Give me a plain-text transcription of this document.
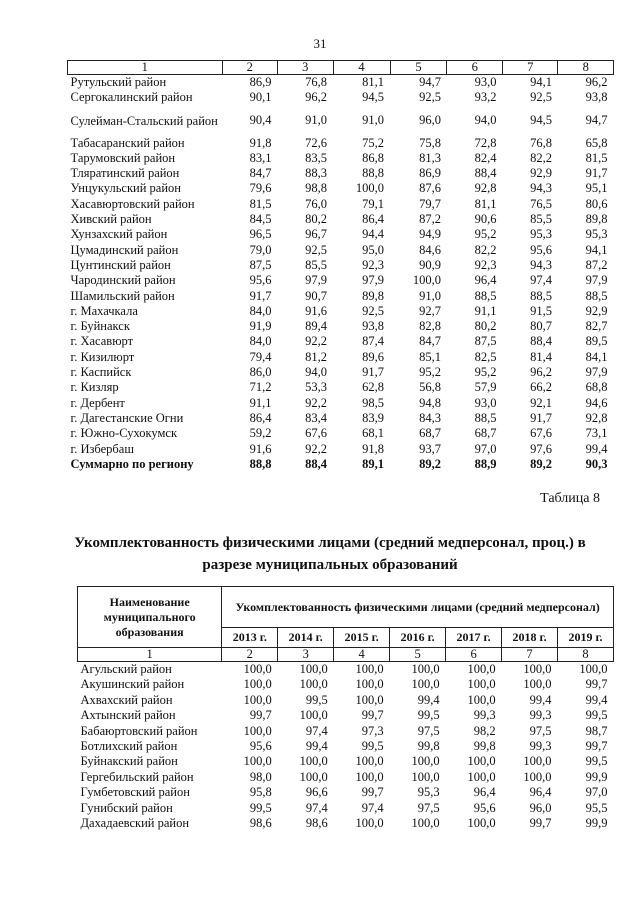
31
1	2	3	4	5	6	7	8
Рутульский район	86,9	76,8	81,1	94,7	93,0	94,1	96,2
Сергокалинский район	90,1	96,2	94,5	92,5	93,2	92,5	93,8
Сулейман-Стальский район	90,4	91,0	91,0	96,0	94,0	94,5	94,7
Табасаранский район	91,8	72,6	75,2	75,8	72,8	76,8	65,8
Тарумовский район	83,1	83,5	86,8	81,3	82,4	82,2	81,5
Тляратинский район	84,7	88,3	88,8	86,9	88,4	92,9	91,7
Унцукульский район	79,6	98,8	100,0	87,6	92,8	94,3	95,1
Хасавюртовский район	81,5	76,0	79,1	79,7	81,1	76,5	80,6
Хивский район	84,5	80,2	86,4	87,2	90,6	85,5	89,8
Хунзахский район	96,5	96,7	94,4	94,9	95,2	95,3	95,3
Цумадинский район	79,0	92,5	95,0	84,6	82,2	95,6	94,1
Цунтинский район	87,5	85,5	92,3	90,9	92,3	94,3	87,2
Чародинский район	95,6	97,9	97,9	100,0	96,4	97,4	97,9
Шамильский район	91,7	90,7	89,8	91,0	88,5	88,5	88,5
г. Махачкала	84,0	91,6	92,5	92,7	91,1	91,5	92,9
г. Буйнакск	91,9	89,4	93,8	82,8	80,2	80,7	82,7
г. Хасавюрт	84,0	92,2	87,4	84,7	87,5	88,4	89,5
г. Кизилюрт	79,4	81,2	89,6	85,1	82,5	81,4	84,1
г. Каспийск	86,0	94,0	91,7	95,2	95,2	96,2	97,9
г. Кизляр	71,2	53,3	62,8	56,8	57,9	66,2	68,8
г. Дербент	91,1	92,2	98,5	94,8	93,0	92,1	94,6
г. Дагестанские Огни	86,4	83,4	83,9	84,3	88,5	91,7	92,8
г. Южно-Сухокумск	59,2	67,6	68,1	68,7	68,7	67,6	73,1
г. Избербаш	91,6	92,2	91,8	93,7	97,0	97,6	99,4
Суммарно по региону	88,8	88,4	89,1	89,2	88,9	89,2	90,3
Таблица 8
Укомплектованность физическими лицами (средний медперсонал, проц.) в разрезе муниципальных образований
Наименование муниципального образования	Укомплектованность физическими лицами (средний медперсонал)						
	2013 г.	2014 г.	2015 г.	2016 г.	2017 г.	2018 г.	2019 г.
1	2	3	4	5	6	7	8
Агульский район	100,0	100,0	100,0	100,0	100,0	100,0	100,0
Акушинский район	100,0	100,0	100,0	100,0	100,0	100,0	99,7
Ахвахский район	100,0	99,5	100,0	99,4	100,0	99,4	99,4
Ахтынский район	99,7	100,0	99,7	99,5	99,3	99,3	99,5
Бабаюртовский район	100,0	97,4	97,3	97,5	98,2	97,5	98,7
Ботлихский район	95,6	99,4	99,5	99,8	99,8	99,3	99,7
Буйнакский район	100,0	100,0	100,0	100,0	100,0	100,0	99,5
Гергебильский район	98,0	100,0	100,0	100,0	100,0	100,0	99,9
Гумбетовский район	95,8	96,6	99,7	95,3	96,4	96,4	97,0
Гунибский район	99,5	97,4	97,4	97,5	95,6	96,0	95,5
Дахадаевский район	98,6	98,6	100,0	100,0	100,0	99,7	99,9
